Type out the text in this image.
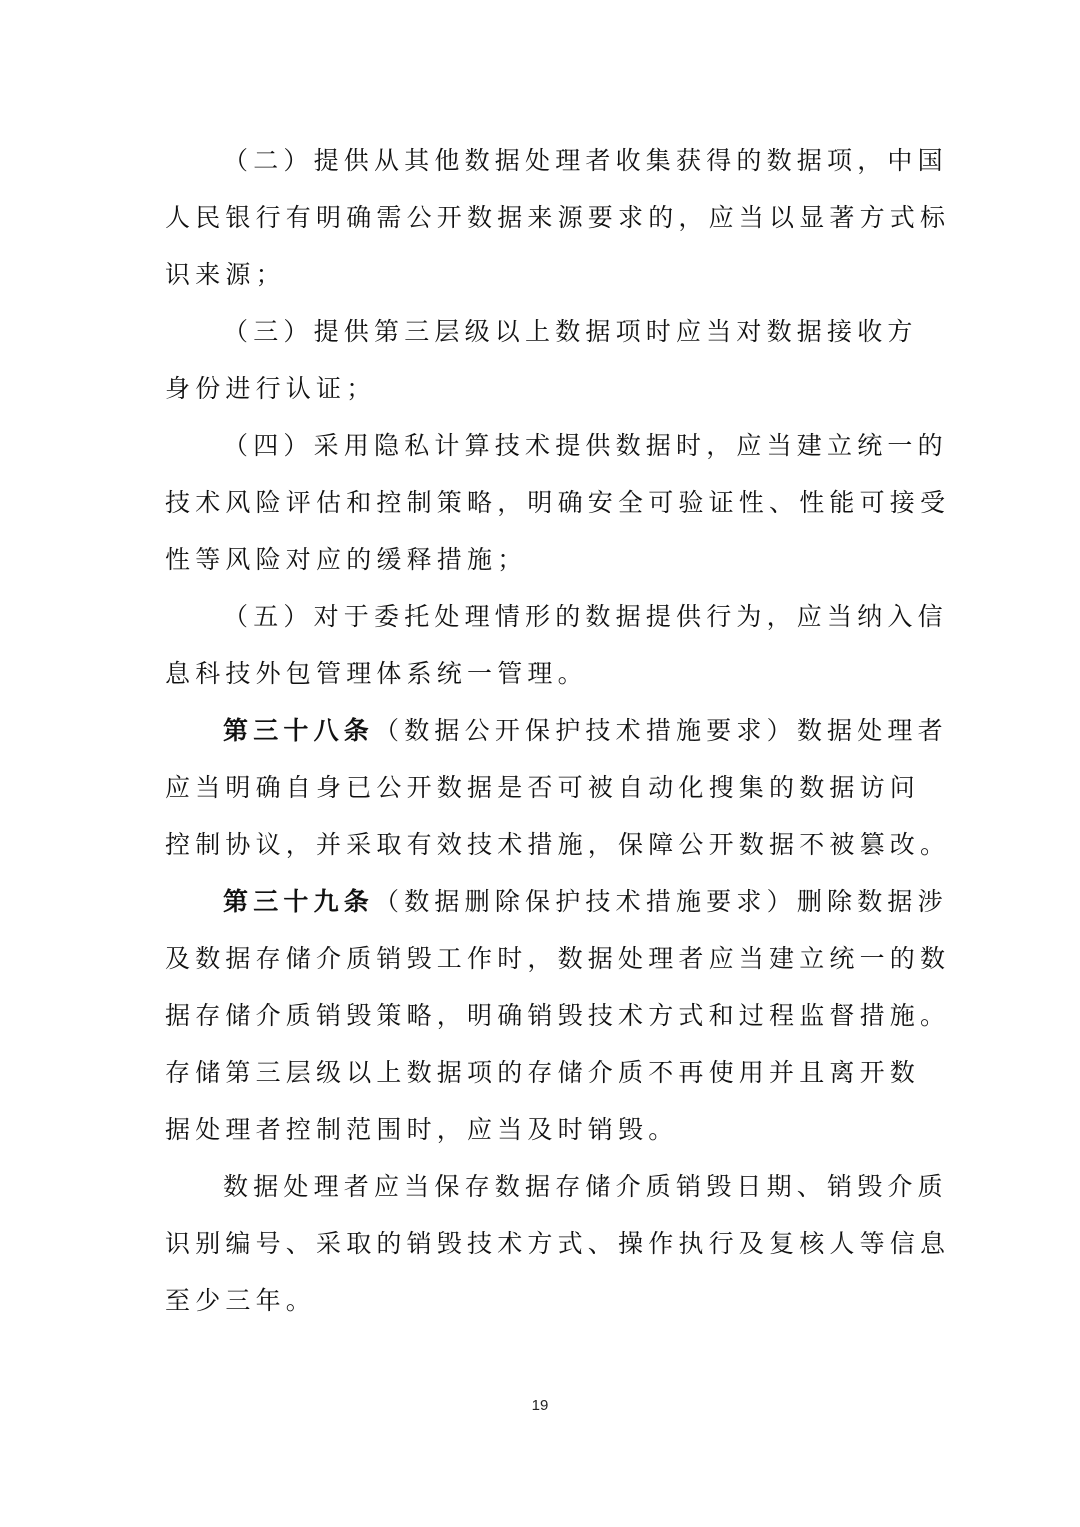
（二）提供从其他数据处理者收集获得的数据项，中国
人民银行有明确需公开数据来源要求的，应当以显著方式标
识来源；
（三）提供第三层级以上数据项时应当对数据接收方
身份进行认证；
（四）采用隐私计算技术提供数据时，应当建立统一的
技术风险评估和控制策略，明确安全可验证性、性能可接受
性等风险对应的缓释措施；
（五）对于委托处理情形的数据提供行为，应当纳入信
息科技外包管理体系统一管理。
第三十八条（数据公开保护技术措施要求）数据处理者
应当明确自身已公开数据是否可被自动化搜集的数据访问
控制协议，并采取有效技术措施，保障公开数据不被篡改。
第三十九条（数据删除保护技术措施要求）删除数据涉
及数据存储介质销毁工作时，数据处理者应当建立统一的数
据存储介质销毁策略，明确销毁技术方式和过程监督措施。
存储第三层级以上数据项的存储介质不再使用并且离开数
据处理者控制范围时，应当及时销毁。
数据处理者应当保存数据存储介质销毁日期、销毁介质
识别编号、采取的销毁技术方式、操作执行及复核人等信息
至少三年。
19
